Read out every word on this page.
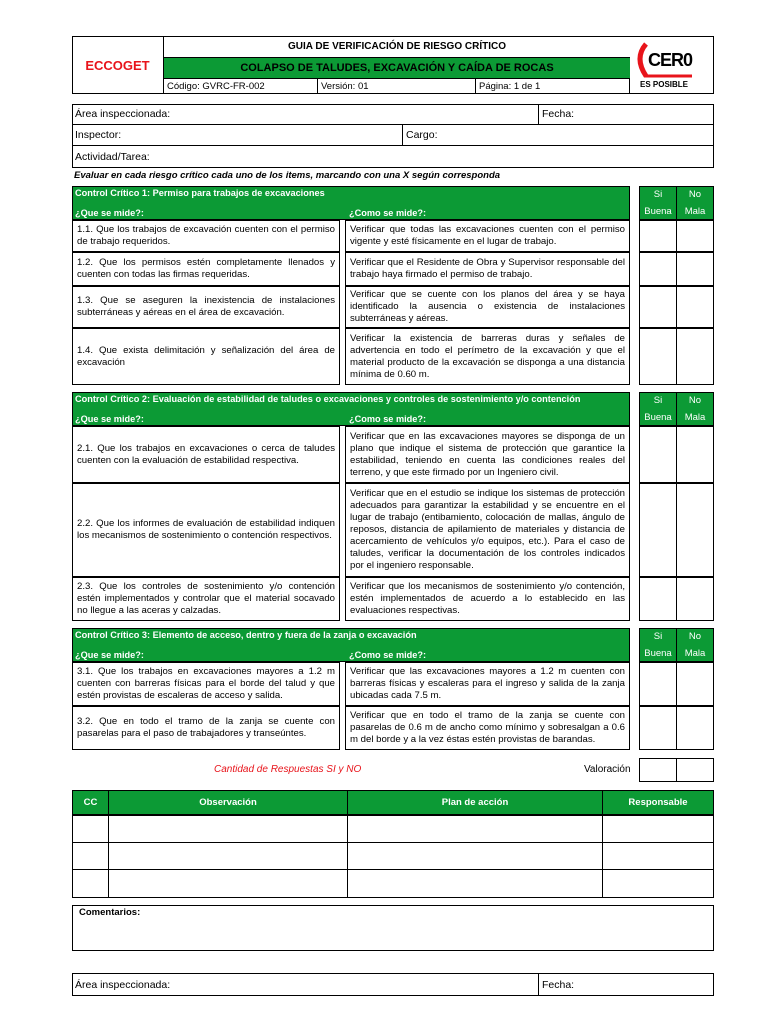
ECCOGET
GUIA DE VERIFICACIÓN DE RIESGO CRÍTICO
COLAPSO DE TALUDES, EXCAVACIÓN Y CAÍDA DE ROCAS
Código: GVRC-FR-002	Versión: 01	Página: 1 de 1
CER0
ES POSIBLE
Área inspeccionada:	Fecha:
Inspector:	Cargo:
Actividad/Tarea:
Evaluar en cada riesgo crítico cada uno de los items, marcando con una X según corresponda
Control Crítico 1: Permiso para trabajos de excavaciones
¿Que se mide?:	¿Como se mide?:
Si
Buena
No
Mala
1.1. Que los trabajos de excavación cuenten con el permiso de trabajo requeridos.
Verificar que todas las excavaciones cuenten con el permiso vigente y esté físicamente en el lugar de trabajo.
1.2. Que los permisos estén completamente llenados y cuenten con todas las firmas requeridas.
Verificar que el Residente de Obra y Supervisor responsable del trabajo haya firmado el permiso de trabajo.
1.3. Que se aseguren la inexistencia de instalaciones subterráneas y aéreas en el área de excavación.
Verificar que se cuente con los planos del área y se haya identificado la ausencia o existencia de instalaciones subterráneas y aéreas.
1.4. Que exista delimitación y señalización del área de excavación
Verificar la existencia de barreras duras y señales de advertencia en todo el perímetro de la excavación y que el material producto de la excavación se disponga a una distancia mínima de 0.60 m.
Control Crítico 2: Evaluación de estabilidad de taludes o excavaciones y controles de sostenimiento y/o contención
¿Que se mide?:	¿Como se mide?:
Si
Buena
No
Mala
2.1. Que los trabajos en excavaciones o cerca de taludes cuenten con la evaluación de estabilidad respectiva.
Verificar que en las excavaciones mayores se disponga de un plano que indique el sistema de protección que garantice la estabilidad, teniendo en cuenta las condiciones reales del terreno, y que este firmado por un Ingeniero civil.
2.2. Que los informes de evaluación de estabilidad indiquen los mecanismos de sostenimiento o contención respectivos.
Verificar que en el estudio se indique los sistemas de protección adecuados para garantizar la estabilidad y se encuentre en el lugar de trabajo (entibamiento, colocación de mallas, ángulo de reposos, distancia de apilamiento de materiales y distancia de acercamiento de vehículos y/o equipos, etc.). Para el caso de taludes, verificar la documentación de los controles indicados por el ingeniero responsable.
2.3. Que los controles de sostenimiento y/o contención estén implementados y controlar que el material socavado no llegue a las aceras y calzadas.
Verificar que los mecanismos de sostenimiento y/o contención, estén implementados de acuerdo a lo establecido en las evaluaciones respectivas.
Control Crítico 3: Elemento de acceso, dentro y fuera de la zanja o excavación
¿Que se mide?:	¿Como se mide?:
Si
Buena
No
Mala
3.1. Que los trabajos en excavaciones mayores a 1.2 m cuenten con barreras físicas para el borde del talud y que estén provistas de escaleras de acceso y salida.
Verificar que las excavaciones mayores a 1.2 m cuenten con barreras físicas y escaleras para el ingreso y salida de la zanja ubicadas cada 7.5 m.
3.2. Que en todo el tramo de la zanja se cuente con pasarelas para el paso de trabajadores y transeúntes.
Verificar que en todo el tramo de la zanja se cuente con pasarelas de 0.6 m de ancho como mínimo y sobresalgan a 0.6 m del borde y a la vez éstas estén provistas de barandas.
Cantidad de Respuestas SI y NO	Valoración
CC	Observación	Plan de acción	Responsable
Comentarios:
Área inspeccionada:	Fecha:
